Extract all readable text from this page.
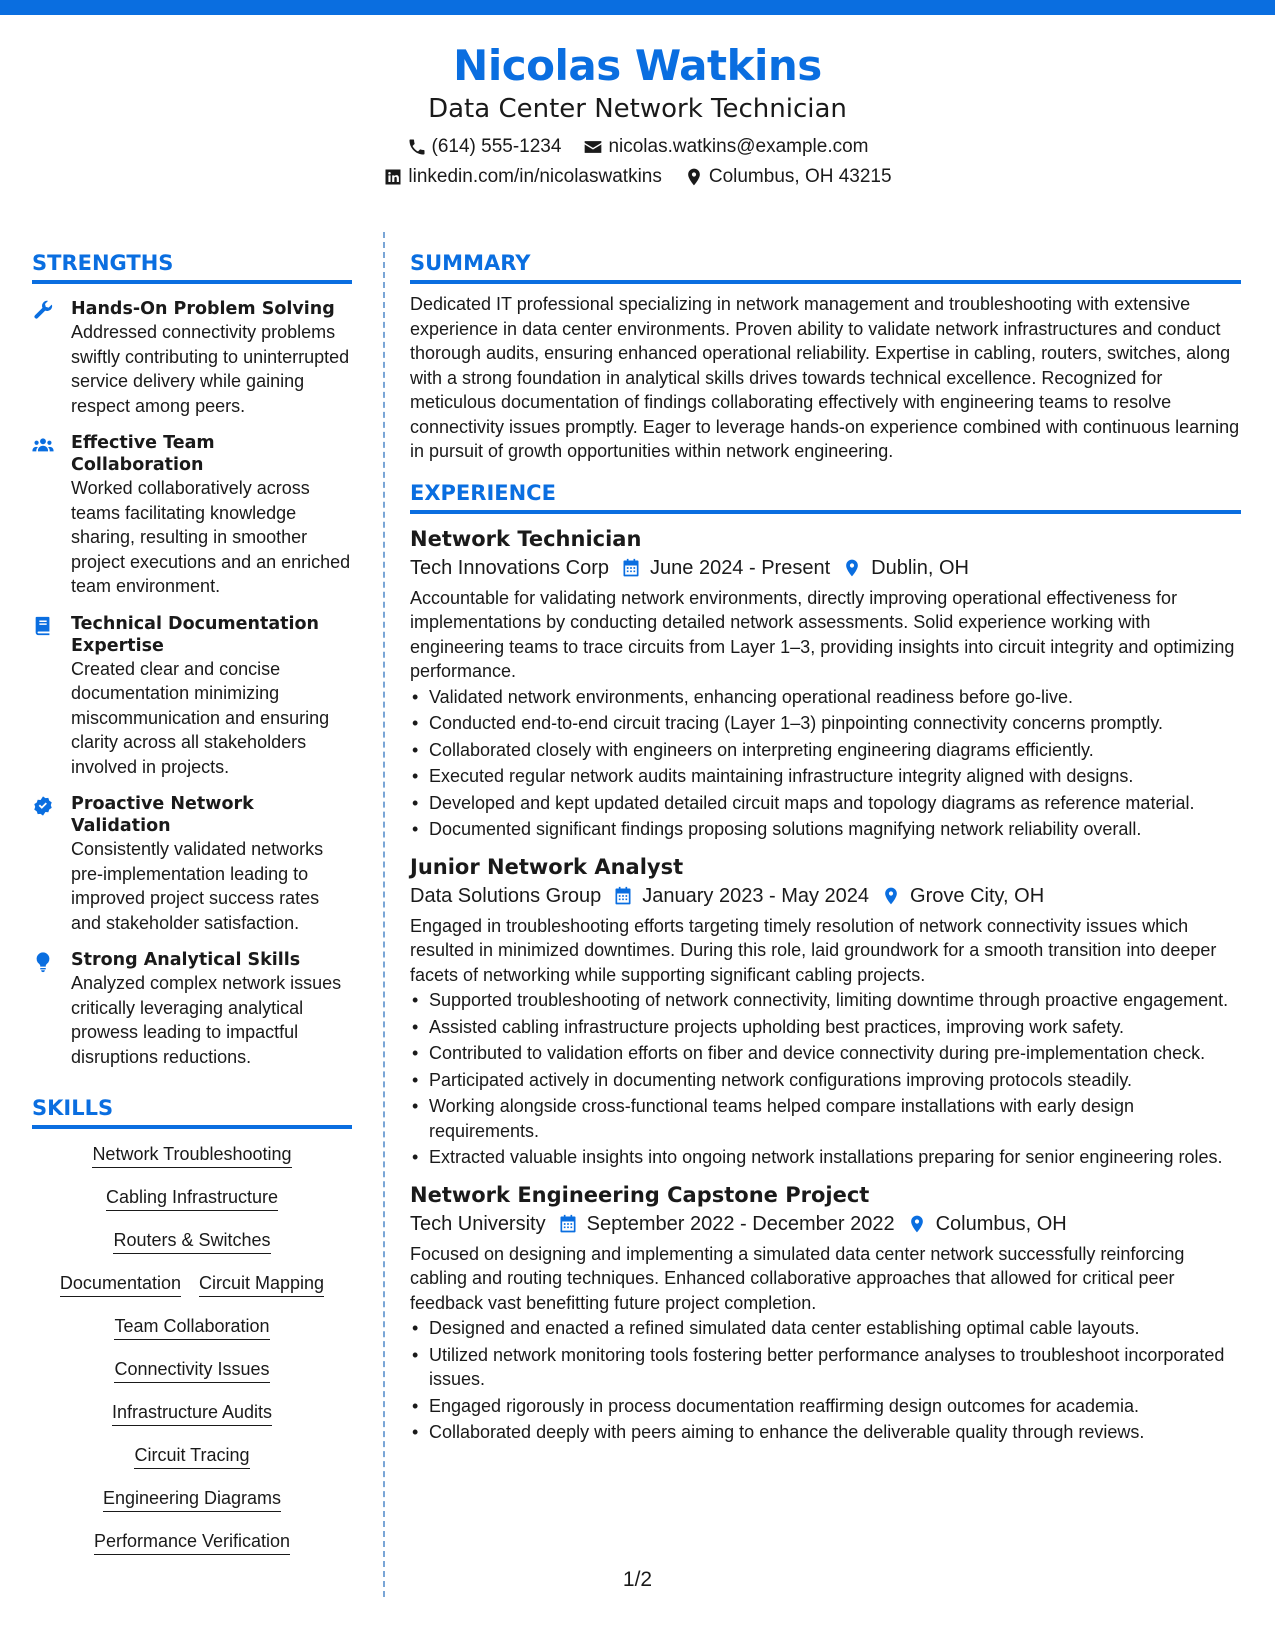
Nicolas Watkins
Data Center Network Technician
(614) 555-1234 nicolas.watkins@example.com
linkedin.com/in/nicolaswatkins Columbus, OH 43215
STRENGTHS
Hands-On Problem Solving

Addressed connectivity problems swiftly contributing to uninterrupted service delivery while gaining respect among peers.

Effective Team Collaboration

Worked collaboratively across teams facilitating knowledge sharing, resulting in smoother project executions and an enriched team environment.

Technical Documentation Expertise

Created clear and concise documentation minimizing miscommunication and ensuring clarity across all stakeholders involved in projects.

Proactive Network Validation

Consistently validated networks pre-implementation leading to improved project success rates and stakeholder satisfaction.

Strong Analytical Skills

Analyzed complex network issues critically leveraging analytical prowess leading to impactful disruptions reductions.

SKILLS
Network Troubleshooting
Cabling Infrastructure
Routers & Switches
Documentation Circuit Mapping
Team Collaboration
Connectivity Issues
Infrastructure Audits
Circuit Tracing
Engineering Diagrams
Performance Verification
SUMMARY

Dedicated IT professional specializing in network management and troubleshooting with extensive experience in data center environments. Proven ability to validate network infrastructures and conduct thorough audits, ensuring enhanced operational reliability. Expertise in cabling, routers, switches, along with a strong foundation in analytical skills drives towards technical excellence. Recognized for meticulous documentation of findings collaborating effectively with engineering teams to resolve connectivity issues promptly. Eager to leverage hands-on experience combined with continuous learning in pursuit of growth opportunities within network engineering.

EXPERIENCE
Network Technician
Tech Innovations Corp June 2024 - Present Dublin, OH

Accountable for validating network environments, directly improving operational effectiveness for implementations by conducting detailed network assessments. Solid experience working with engineering teams to trace circuits from Layer 1–3, providing insights into circuit integrity and optimizing performance.

• Validated network environments, enhancing operational readiness before go-live.
• Conducted end-to-end circuit tracing (Layer 1–3) pinpointing connectivity concerns promptly.
• Collaborated closely with engineers on interpreting engineering diagrams efficiently.
• Executed regular network audits maintaining infrastructure integrity aligned with designs.
• Developed and kept updated detailed circuit maps and topology diagrams as reference material.
• Documented significant findings proposing solutions magnifying network reliability overall.
Junior Network Analyst
Data Solutions Group January 2023 - May 2024 Grove City, OH

Engaged in troubleshooting efforts targeting timely resolution of network connectivity issues which resulted in minimized downtimes. During this role, laid groundwork for a smooth transition into deeper facets of networking while supporting significant cabling projects.

• Supported troubleshooting of network connectivity, limiting downtime through proactive engagement.
• Assisted cabling infrastructure projects upholding best practices, improving work safety.
• Contributed to validation efforts on fiber and device connectivity during pre-implementation check.
• Participated actively in documenting network configurations improving protocols steadily.
• Working alongside cross-functional teams helped compare installations with early design requirements.
• Extracted valuable insights into ongoing network installations preparing for senior engineering roles.
Network Engineering Capstone Project
Tech University September 2022 - December 2022 Columbus, OH

Focused on designing and implementing a simulated data center network successfully reinforcing cabling and routing techniques. Enhanced collaborative approaches that allowed for critical peer feedback vast benefitting future project completion.

• Designed and enacted a refined simulated data center establishing optimal cable layouts.
• Utilized network monitoring tools fostering better performance analyses to troubleshoot incorporated issues.
• Engaged rigorously in process documentation reaffirming design outcomes for academia.
• Collaborated deeply with peers aiming to enhance the deliverable quality through reviews.
1/2
